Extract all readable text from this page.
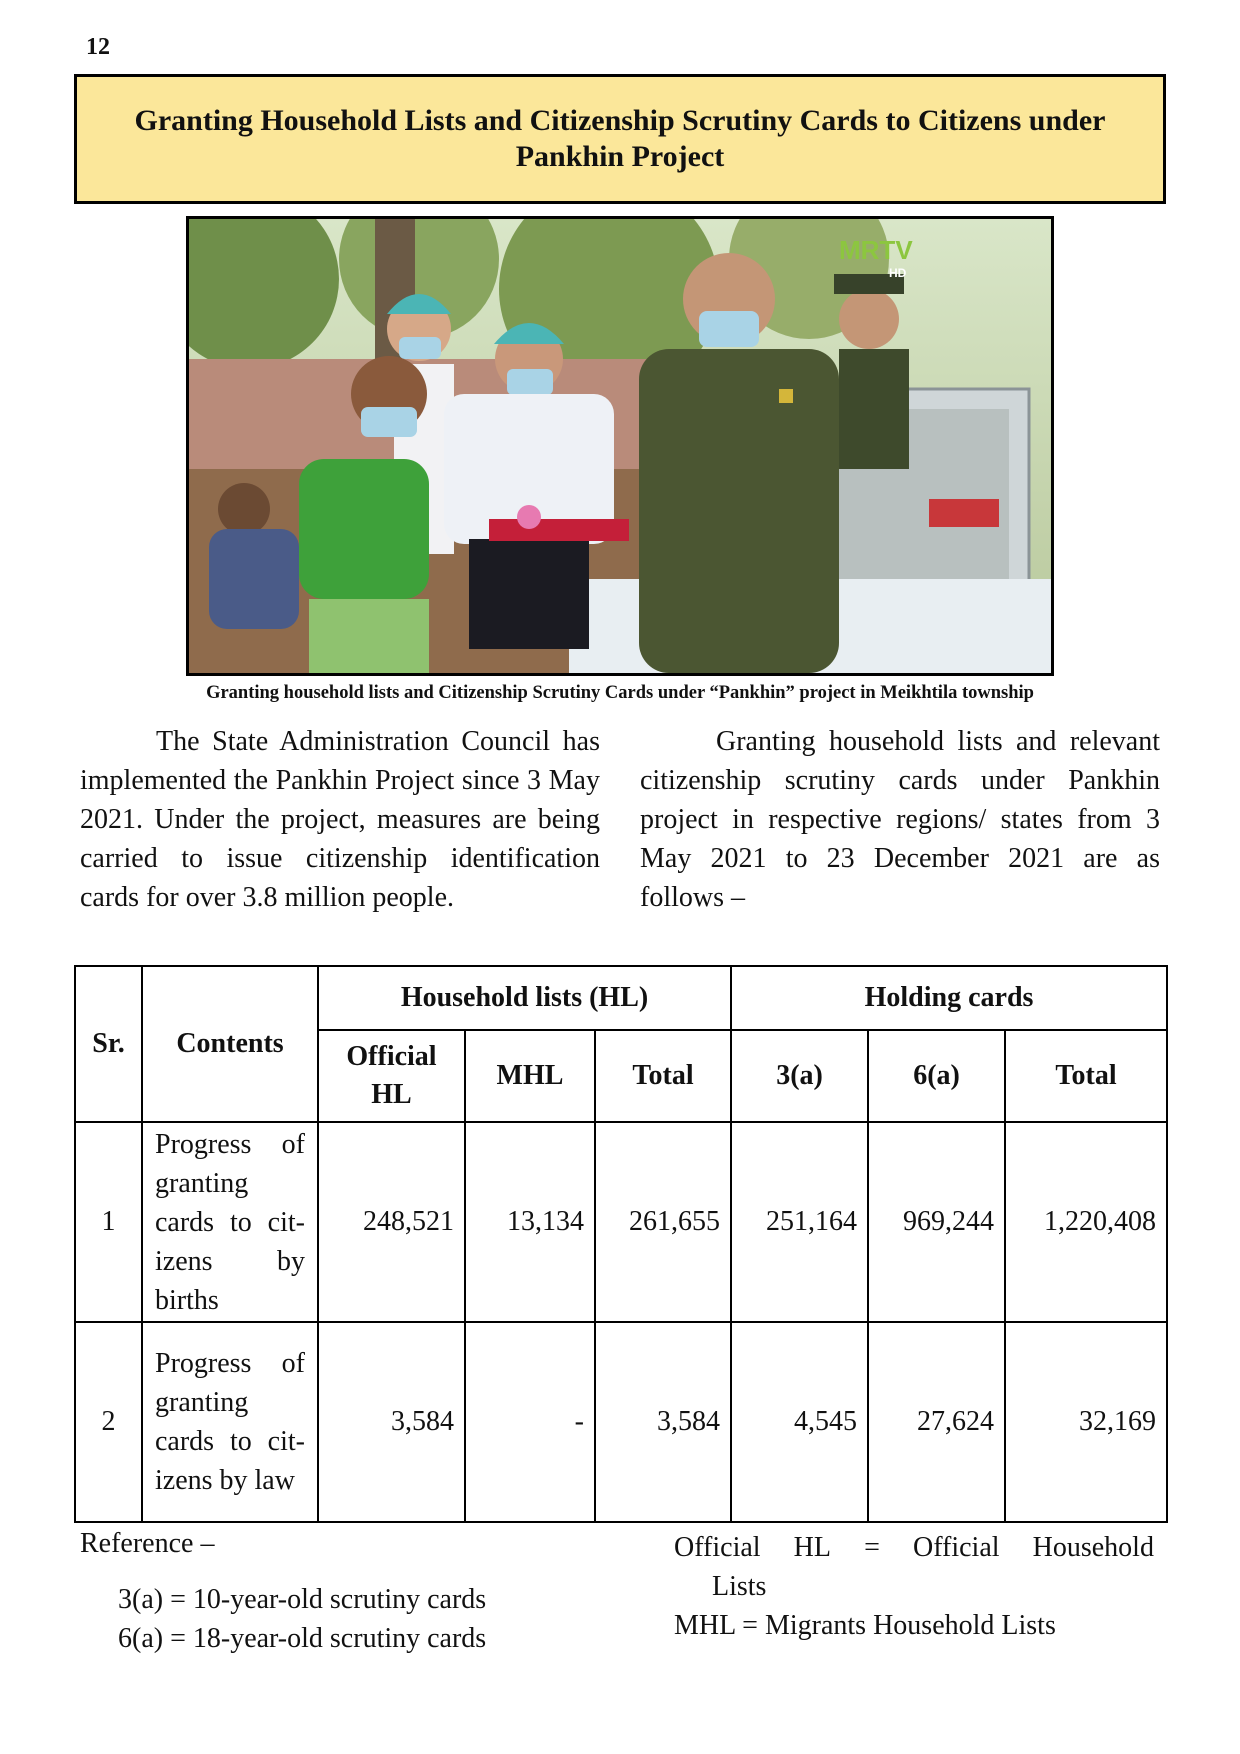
12
Granting Household Lists and Citizenship Scrutiny Cards to Citizens under Pankhin Project
MRTV
HD
Granting household lists and Citizenship Scrutiny Cards under “Pankhin” project in Meikhtila township

The State Administration Council has implemented the Pankhin Project since 3 May 2021. Under the project, measures are being carried to issue citizenship identification cards for over 3.8 million people.

Granting household lists and relevant citizenship scrutiny cards under Pankhin project in respective regions/ states from 3 May 2021 to 23 December 2021 are as follows –

Sr.	Contents	Household lists (HL)			Holding cards		
		Official HL	MHL	Total	3(a)	6(a)	Total
1	Progress of granting cards to citizens by births	248,521	13,134	261,655	251,164	969,244	1,220,408
2	Progress of granting cards to citizens by law	3,584	-	3,584	4,545	27,624	32,169
Reference –
3(a) = 10-year-old scrutiny cards
6(a) = 18-year-old scrutiny cards
Official HL = Official Household
Lists
MHL = Migrants Household Lists
